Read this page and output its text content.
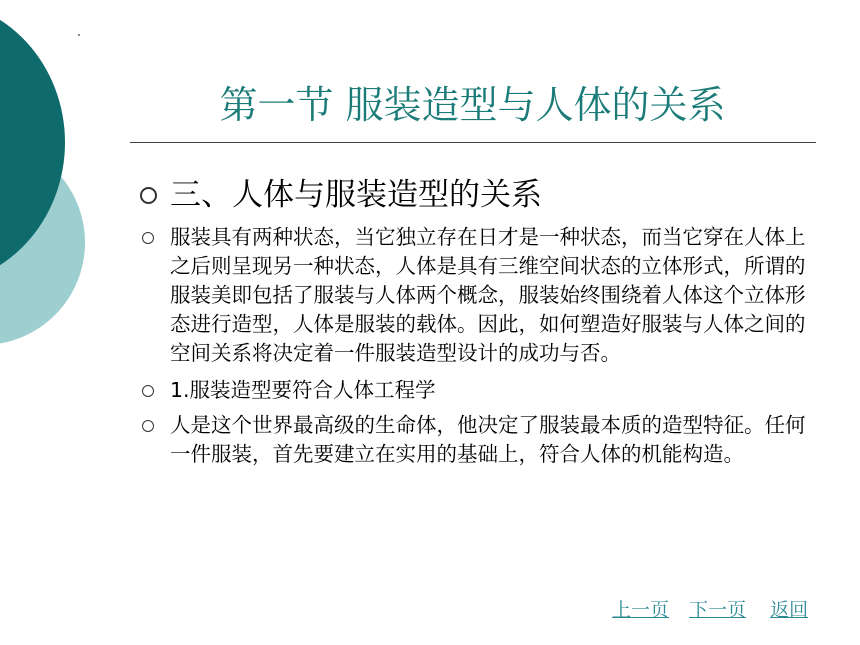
第一节 服装造型与人体的关系
三、人体与服装造型的关系
服装具有两种状态，当它独立存在日才是一种状态，而当它穿在人体上之后则呈现另一种状态，人体是具有三维空间状态的立体形式，所谓的服装美即包括了服装与人体两个概念，服装始终围绕着人体这个立体形态进行造型，人体是服装的载体。因此，如何塑造好服装与人体之间的空间关系将决定着一件服装造型设计的成功与否。
1.服装造型要符合人体工程学
人是这个世界最高级的生命体，他决定了服装最本质的造型特征。任何一件服装，首先要建立在实用的基础上，符合人体的机能构造。
上一页 下一页 返回
